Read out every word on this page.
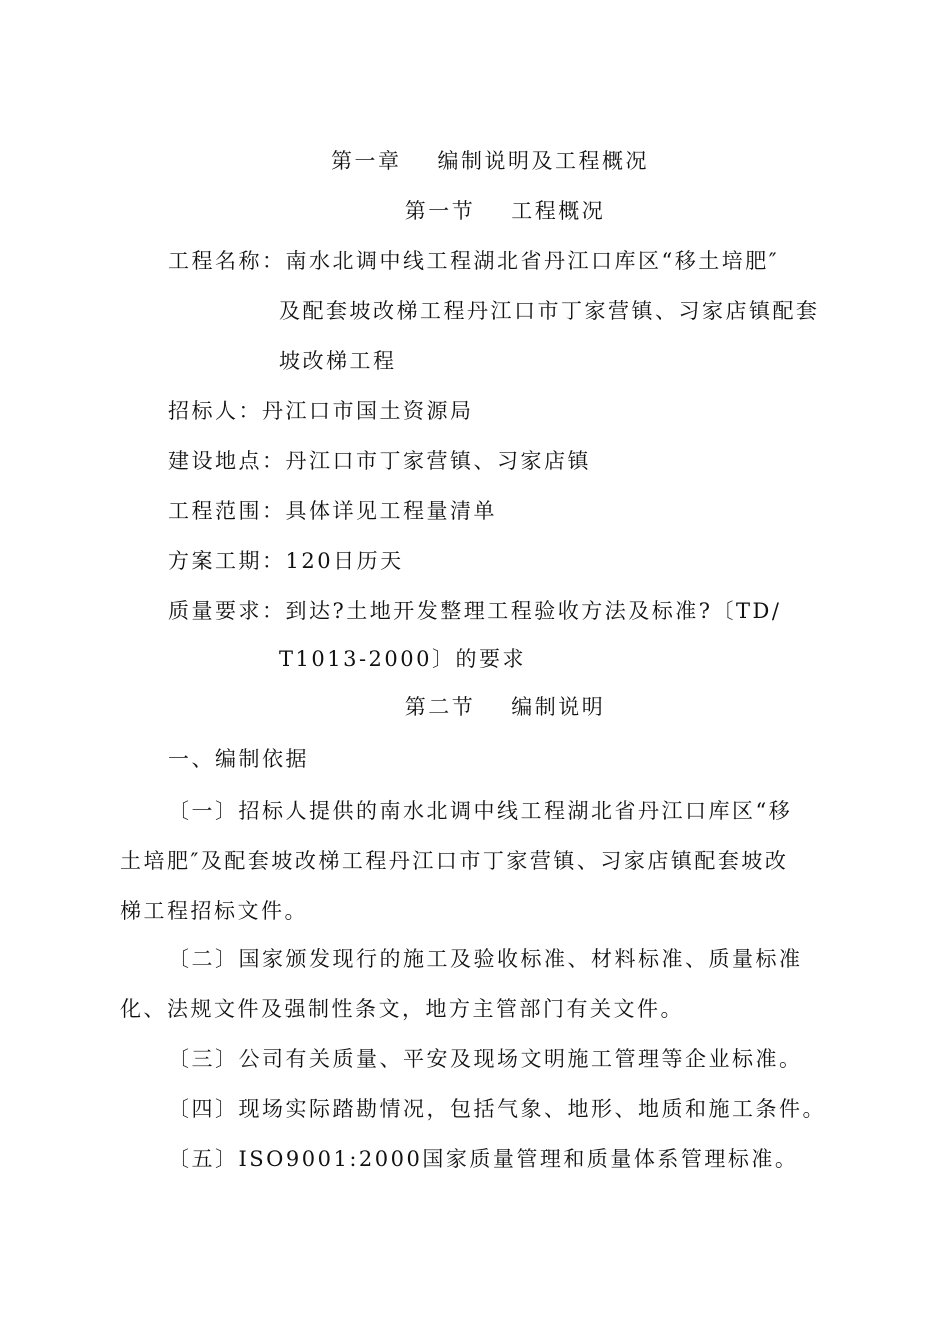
第一章 编制说明及工程概况
第一节 工程概况
工程名称：南水北调中线工程湖北省丹江口库区“移土培肥″
及配套坡改梯工程丹江口市丁家营镇、习家店镇配套
坡改梯工程
招标人：丹江口市国土资源局
建设地点：丹江口市丁家营镇、习家店镇
工程范围：具体详见工程量清单
方案工期：120日历天
质量要求：到达?土地开发整理工程验收方法及标准?〔TD/
T1013-2000〕的要求
第二节 编制说明
一、编制依据
〔一〕招标人提供的南水北调中线工程湖北省丹江口库区“移
土培肥″及配套坡改梯工程丹江口市丁家营镇、习家店镇配套坡改
梯工程招标文件。
〔二〕国家颁发现行的施工及验收标准、材料标准、质量标准
化、法规文件及强制性条文，地方主管部门有关文件。
〔三〕公司有关质量、平安及现场文明施工管理等企业标准。
〔四〕现场实际踏勘情况，包括气象、地形、地质和施工条件。
〔五〕ISO9001:2000国家质量管理和质量体系管理标准。
